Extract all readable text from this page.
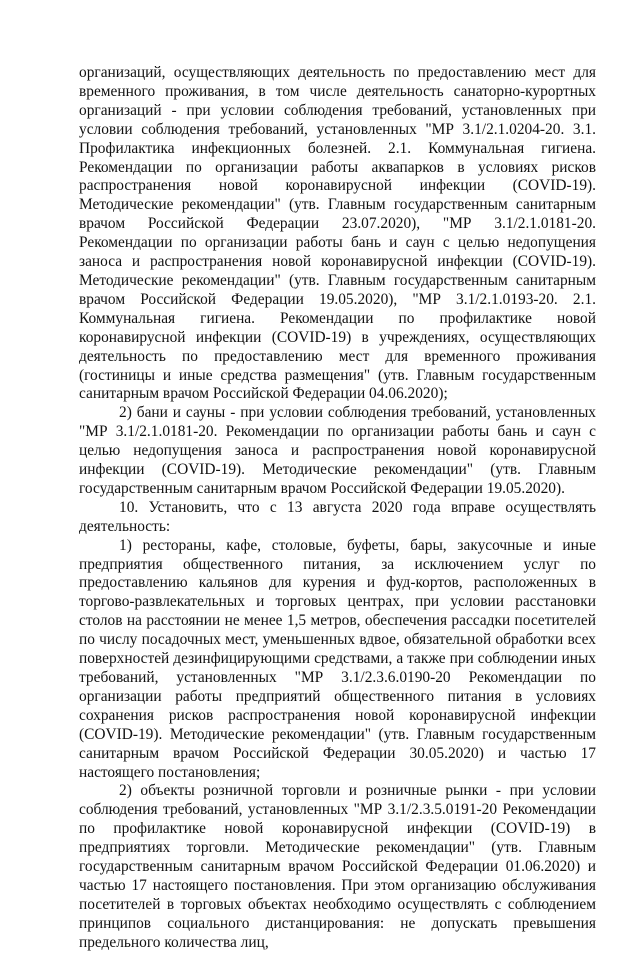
организаций, осуществляющих деятельность по предоставлению мест для временного проживания, в том числе деятельность санаторно-курортных организаций - при условии соблюдения требований, установленных при условии соблюдения требований, установленных "МР 3.1/2.1.0204-20. 3.1. Профилактика инфекционных болезней. 2.1. Коммунальная гигиена. Рекомендации по организации работы аквапарков в условиях рисков распространения новой коронавирусной инфекции (COVID-19). Методические рекомендации" (утв. Главным государственным санитарным врачом Российской Федерации 23.07.2020), "МР 3.1/2.1.0181-20. Рекомендации по организации работы бань и саун с целью недопущения заноса и распространения новой коронавирусной инфекции (COVID-19). Методические рекомендации" (утв. Главным государственным санитарным врачом Российской Федерации 19.05.2020), "МР 3.1/2.1.0193-20. 2.1. Коммунальная гигиена. Рекомендации по профилактике новой коронавирусной инфекции (COVID-19) в учреждениях, осуществляющих деятельность по предоставлению мест для временного проживания (гостиницы и иные средства размещения" (утв. Главным государственным санитарным врачом Российской Федерации 04.06.2020);

2) бани и сауны - при условии соблюдения требований, установленных "МР 3.1/2.1.0181-20. Рекомендации по организации работы бань и саун с целью недопущения заноса и распространения новой коронавирусной инфекции (COVID-19). Методические рекомендации" (утв. Главным государственным санитарным врачом Российской Федерации 19.05.2020).

10. Установить, что с 13 августа 2020 года вправе осуществлять деятельность:

1) рестораны, кафе, столовые, буфеты, бары, закусочные и иные предприятия общественного питания, за исключением услуг по предоставлению кальянов для курения и фуд-кортов, расположенных в торгово-развлекательных и торговых центрах, при условии расстановки столов на расстоянии не менее 1,5 метров, обеспечения рассадки посетителей по числу посадочных мест, уменьшенных вдвое, обязательной обработки всех поверхностей дезинфицирующими средствами, а также при соблюдении иных требований, установленных "МР 3.1/2.3.6.0190-20 Рекомендации по организации работы предприятий общественного питания в условиях сохранения рисков распространения новой коронавирусной инфекции (COVID-19). Методические рекомендации" (утв. Главным государственным санитарным врачом Российской Федерации 30.05.2020) и частью 17 настоящего постановления;

2) объекты розничной торговли и розничные рынки - при условии соблюдения требований, установленных "МР 3.1/2.3.5.0191-20 Рекомендации по профилактике новой коронавирусной инфекции (COVID-19) в предприятиях торговли. Методические рекомендации" (утв. Главным государственным санитарным врачом Российской Федерации 01.06.2020) и частью 17 настоящего постановления. При этом организацию обслуживания посетителей в торговых объектах необходимо осуществлять с соблюдением принципов социального дистанцирования: не допускать превышения предельного количества лиц,
